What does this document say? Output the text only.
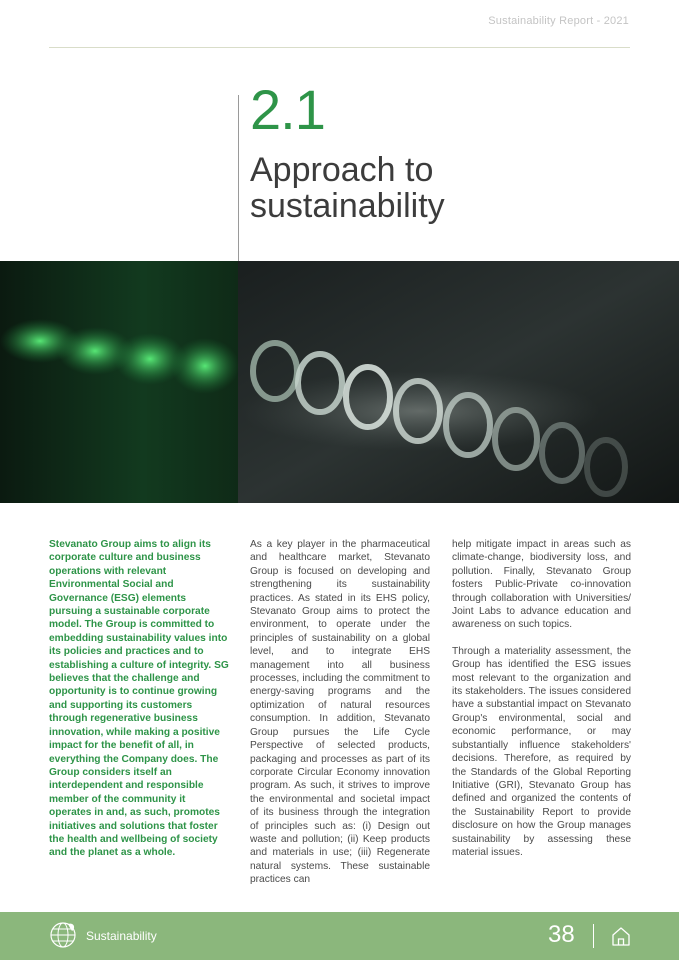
Sustainability Report - 2021
2.1
Approach to
sustainability

Stevanato Group aims to align its corporate culture and business operations with relevant Environmental Social and Governance (ESG) elements pursuing a sustainable corporate model. The Group is committed to embedding sustainability values into its policies and practices and to establishing a culture of integrity. SG believes that the challenge and opportunity is to continue growing and supporting its customers through regenerative business innovation, while making a positive impact for the benefit of all, in everything the Company does. The Group considers itself an interdependent and responsible member of the community it operates in and, as such, promotes initiatives and solutions that foster the health and wellbeing of society and the planet as a whole.

As a key player in the pharmaceutical and healthcare market, Stevanato Group is focused on developing and strengthening its sustainability practices. As stated in its EHS policy, Stevanato Group aims to protect the environment, to operate under the principles of sustainability on a global level, and to integrate EHS management into all business processes, including the commitment to energy-saving programs and the optimization of natural resources consumption. In addition, Stevanato Group pursues the Life Cycle Perspective of selected products, packaging and processes as part of its corporate Circular Economy innovation program. As such, it strives to improve the environmental and societal impact of its business through the integration of principles such as: (i) Design out waste and pollution; (ii) Keep products and materials in use; (iii) Regenerate natural systems. These sustainable practices can

help mitigate impact in areas such as climate-change, biodiversity loss, and pollution. Finally, Stevanato Group fosters Public-Private co-innovation through collaboration with Universities/ Joint Labs to advance education and awareness on such topics.

Through a materiality assessment, the Group has identified the ESG issues most relevant to the organization and its stakeholders. The issues considered have a substantial impact on Stevanato Group's environmental, social and economic performance, or may substantially influence stakeholders' decisions. Therefore, as required by the Standards of the Global Reporting Initiative (GRI), Stevanato Group has defined and organized the contents of the Sustainability Report to provide disclosure on how the Group manages sustainability by assessing these material issues.

Sustainability	38
